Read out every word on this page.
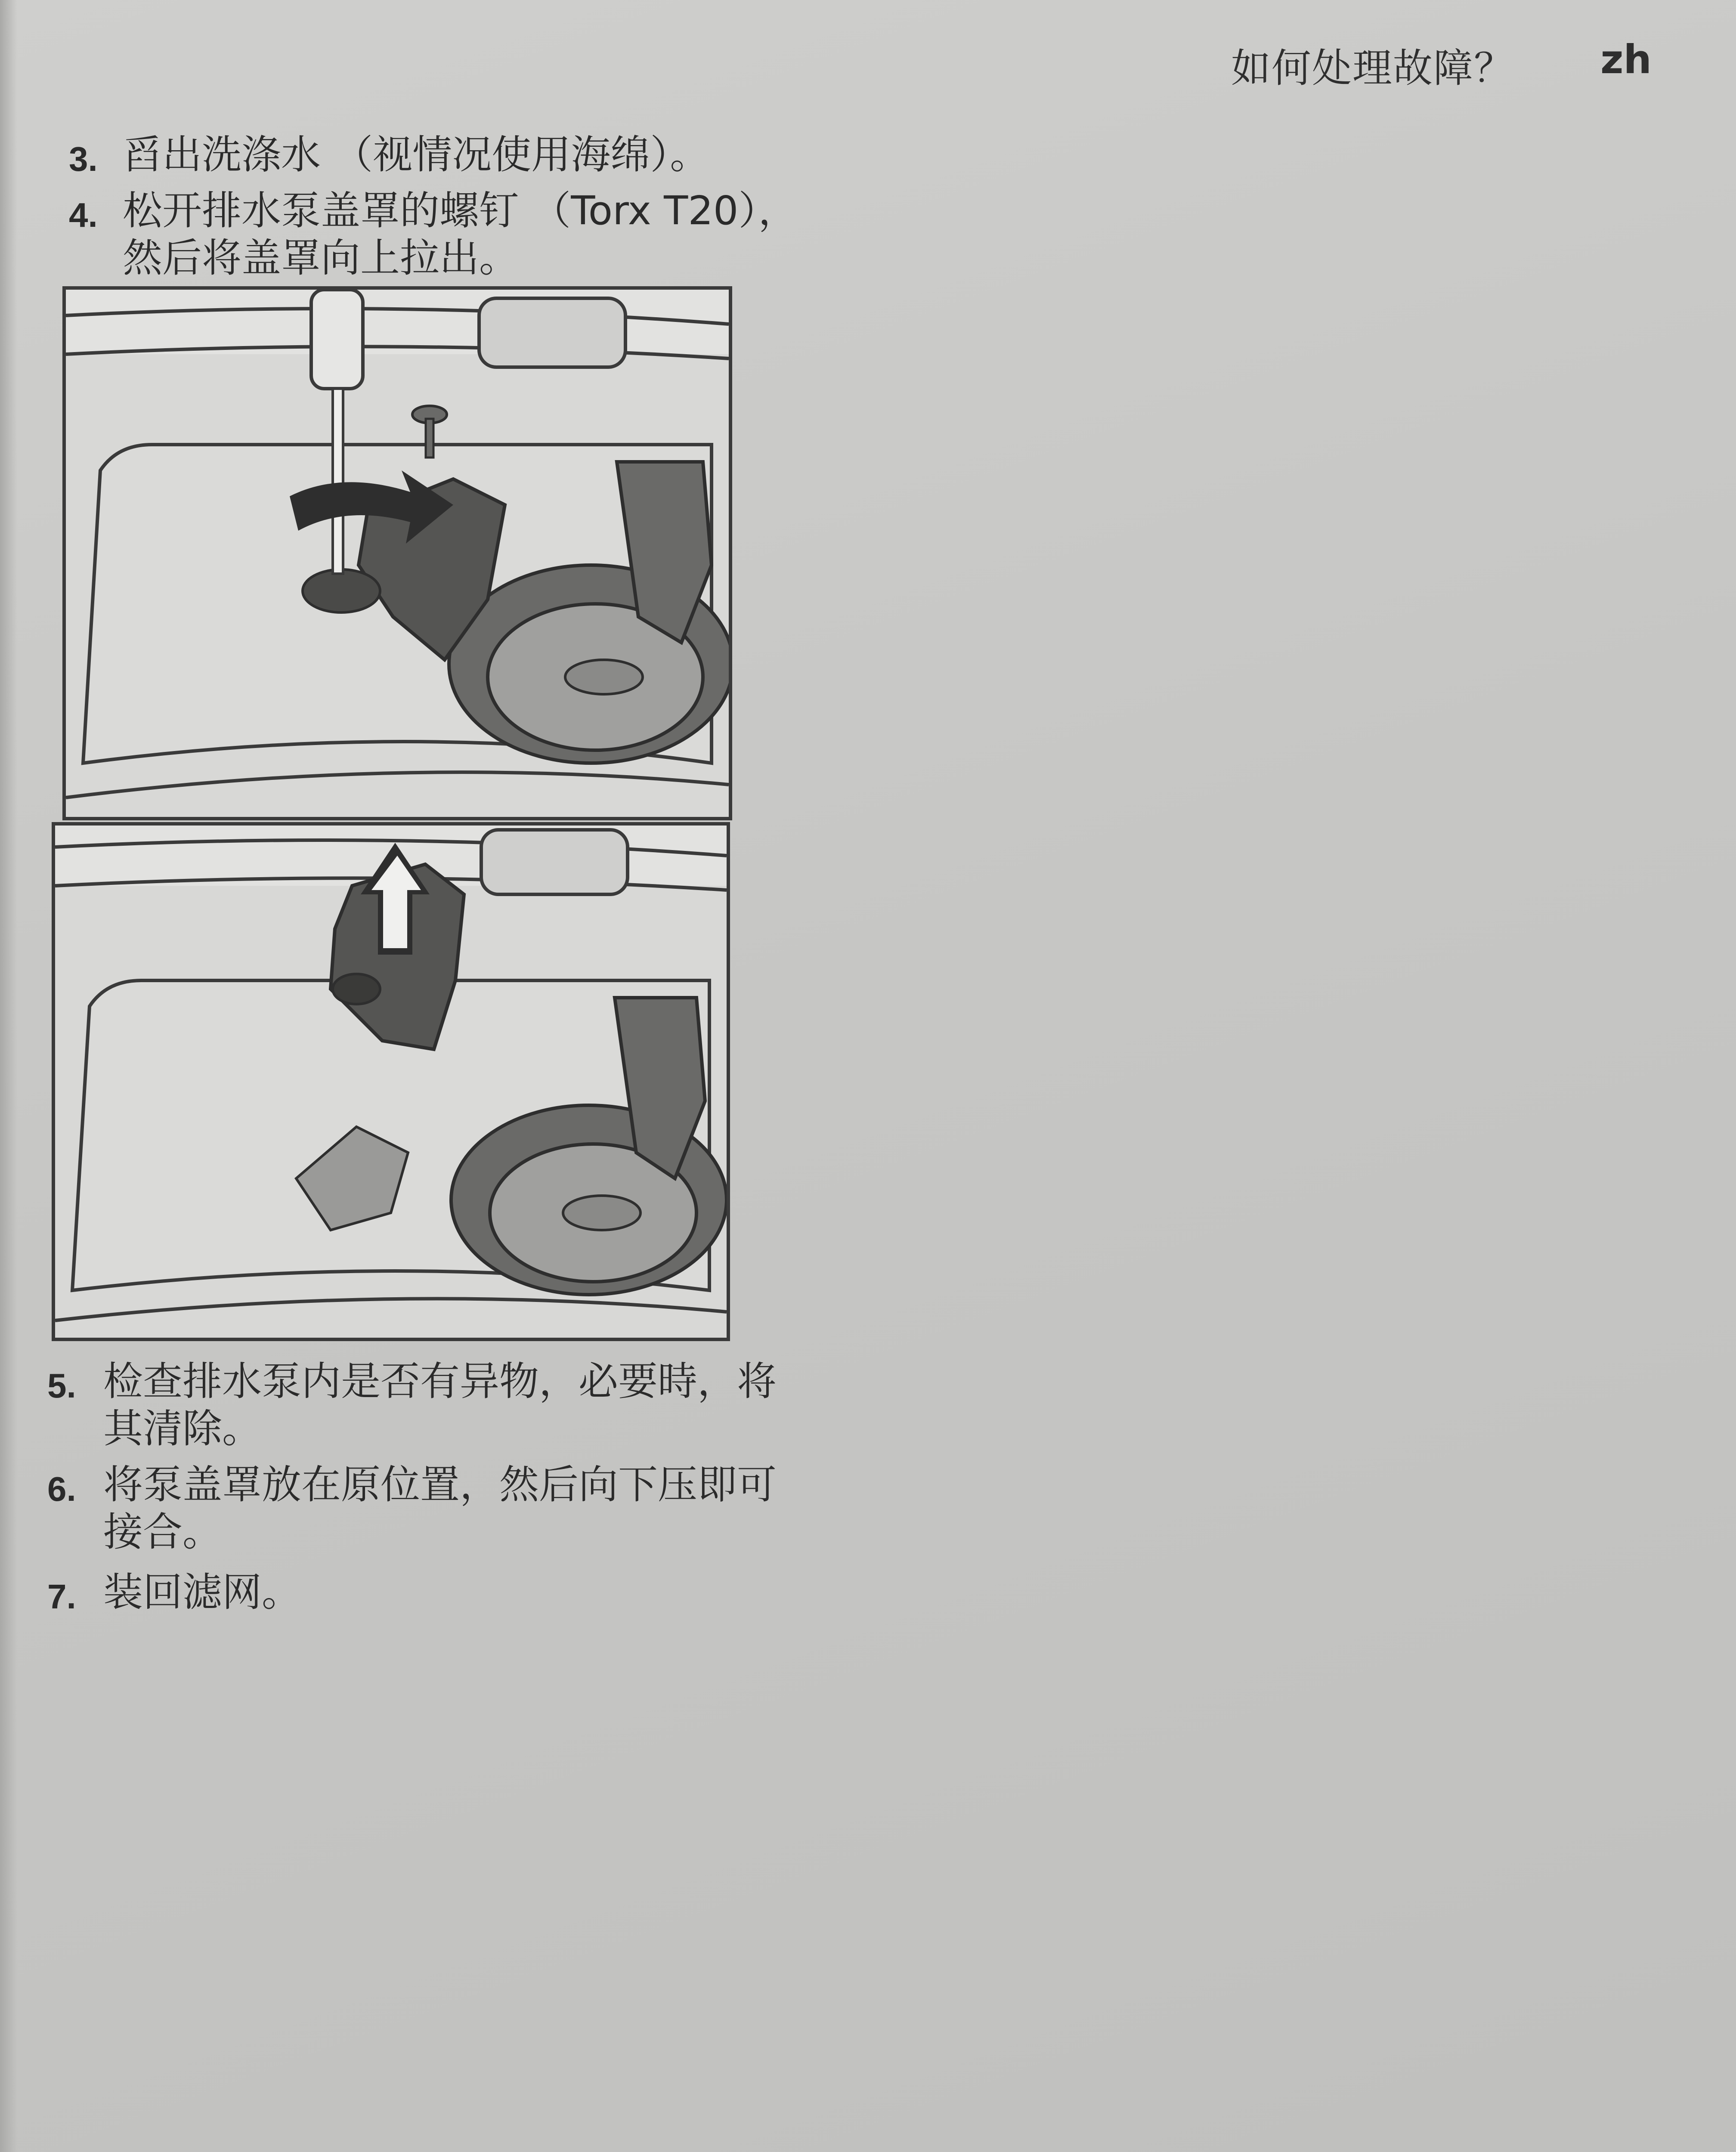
如何处理故障？ zh
3. 舀出洗涤水 （视情况使用海绵）。
4. 松开排水泵盖罩的螺钉 （Torx T20），
然后将盖罩向上拉出。
5. 检查排水泵内是否有异物，必要時，将
其清除。
6. 将泵盖罩放在原位置，然后向下压即可
接合。
7. 装回滤网。
